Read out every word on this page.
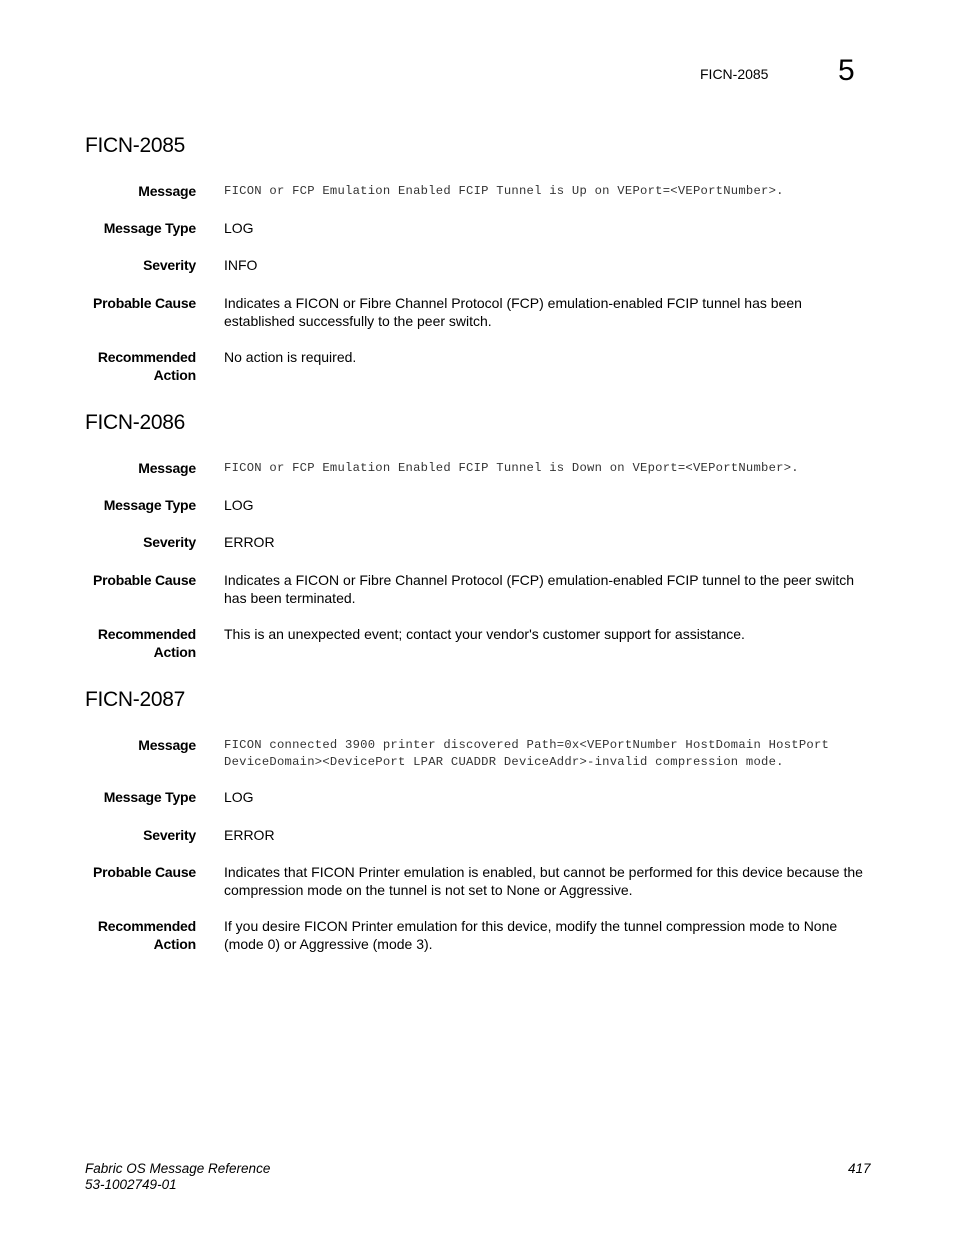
FICN-2085 5
FICN-2085
Message FICON or FCP Emulation Enabled FCIP Tunnel is Up on VEPort=<VEPortNumber>.
Message Type LOG
Severity INFO
Probable Cause Indicates a FICON or Fibre Channel Protocol (FCP) emulation-enabled FCIP tunnel has been established successfully to the peer switch.
Recommended
Action
No action is required.
FICN-2086
Message FICON or FCP Emulation Enabled FCIP Tunnel is Down on VEport=<VEPortNumber>.
Message Type LOG
Severity ERROR
Probable Cause Indicates a FICON or Fibre Channel Protocol (FCP) emulation-enabled FCIP tunnel to the peer switch has been terminated.
Recommended
Action
This is an unexpected event; contact your vendor's customer support for assistance.
FICN-2087
Message FICON connected 3900 printer discovered Path=0x<VEPortNumber HostDomain HostPort DeviceDomain><DevicePort LPAR CUADDR DeviceAddr>-invalid compression mode.
Message Type LOG
Severity ERROR
Probable Cause Indicates that FICON Printer emulation is enabled, but cannot be performed for this device because the compression mode on the tunnel is not set to None or Aggressive.
Recommended
Action
If you desire FICON Printer emulation for this device, modify the tunnel compression mode to None (mode 0) or Aggressive (mode 3).
Fabric OS Message Reference
53-1002749-01
417
